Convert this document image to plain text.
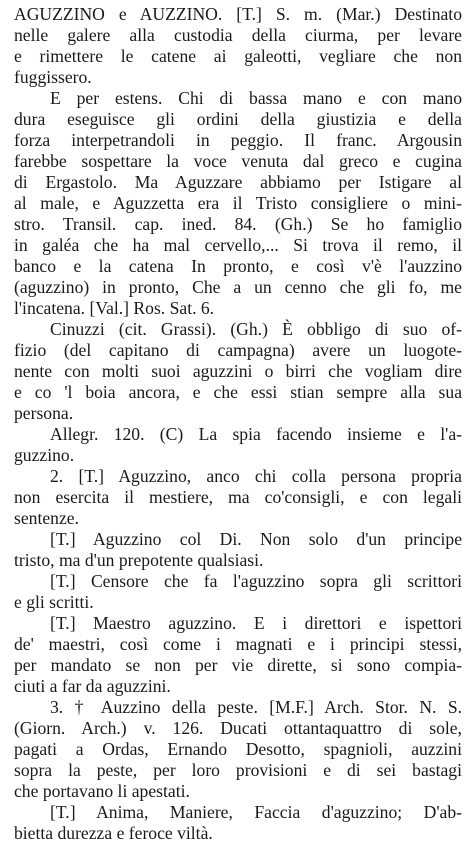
AGUZZINO e AUZZINO. [T.] S. m. (Mar.) Destinato
nelle galere alla custodia della ciurma, per levare
e rimettere le catene ai galeotti, vegliare che non
fuggissero.
E per estens. Chi di bassa mano e con mano
dura eseguisce gli ordini della giustizia e della
forza interpetrandoli in peggio. Il franc. Argousin
farebbe sospettare la voce venuta dal greco e cugina
di Ergastolo. Ma Aguzzare abbiamo per Istigare al
al male, e Aguzzetta era il Tristo consigliere o mini-
stro. Transil. cap. ined. 84. (Gh.) Se ho famiglio
in galéa che ha mal cervello,... Si trova il remo, il
banco e la catena In pronto, e così v'è l'auzzino
(aguzzino) in pronto, Che a un cenno che gli fo, me
l'incatena. [Val.] Ros. Sat. 6.
Cinuzzi (cit. Grassi). (Gh.) È obbligo di suo of-
fizio (del capitano di campagna) avere un luogote-
nente con molti suoi aguzzini o birri che vogliam dire
e co 'l boia ancora, e che essi stian sempre alla sua
persona.
Allegr. 120. (C) La spia facendo insieme e l'a-
guzzino.
2. [T.] Aguzzino, anco chi colla persona propria
non esercita il mestiere, ma co'consigli, e con legali
sentenze.
[T.] Aguzzino col Di. Non solo d'un principe
tristo, ma d'un prepotente qualsiasi.
[T.] Censore che fa l'aguzzino sopra gli scrittori
e gli scritti.
[T.] Maestro aguzzino. E i direttori e ispettori
de' maestri, così come i magnati e i principi stessi,
per mandato se non per vie dirette, si sono compia-
ciuti a far da aguzzini.
3. † Auzzino della peste. [M.F.] Arch. Stor. N. S.
(Giorn. Arch.) v. 126. Ducati ottantaquattro di sole,
pagati a Ordas, Ernando Desotto, spagnioli, auzzini
sopra la peste, per loro provisioni e di sei bastagi
che portavano li apestati.
[T.] Anima, Maniere, Faccia d'aguzzino; D'ab-
bietta durezza e feroce viltà.
